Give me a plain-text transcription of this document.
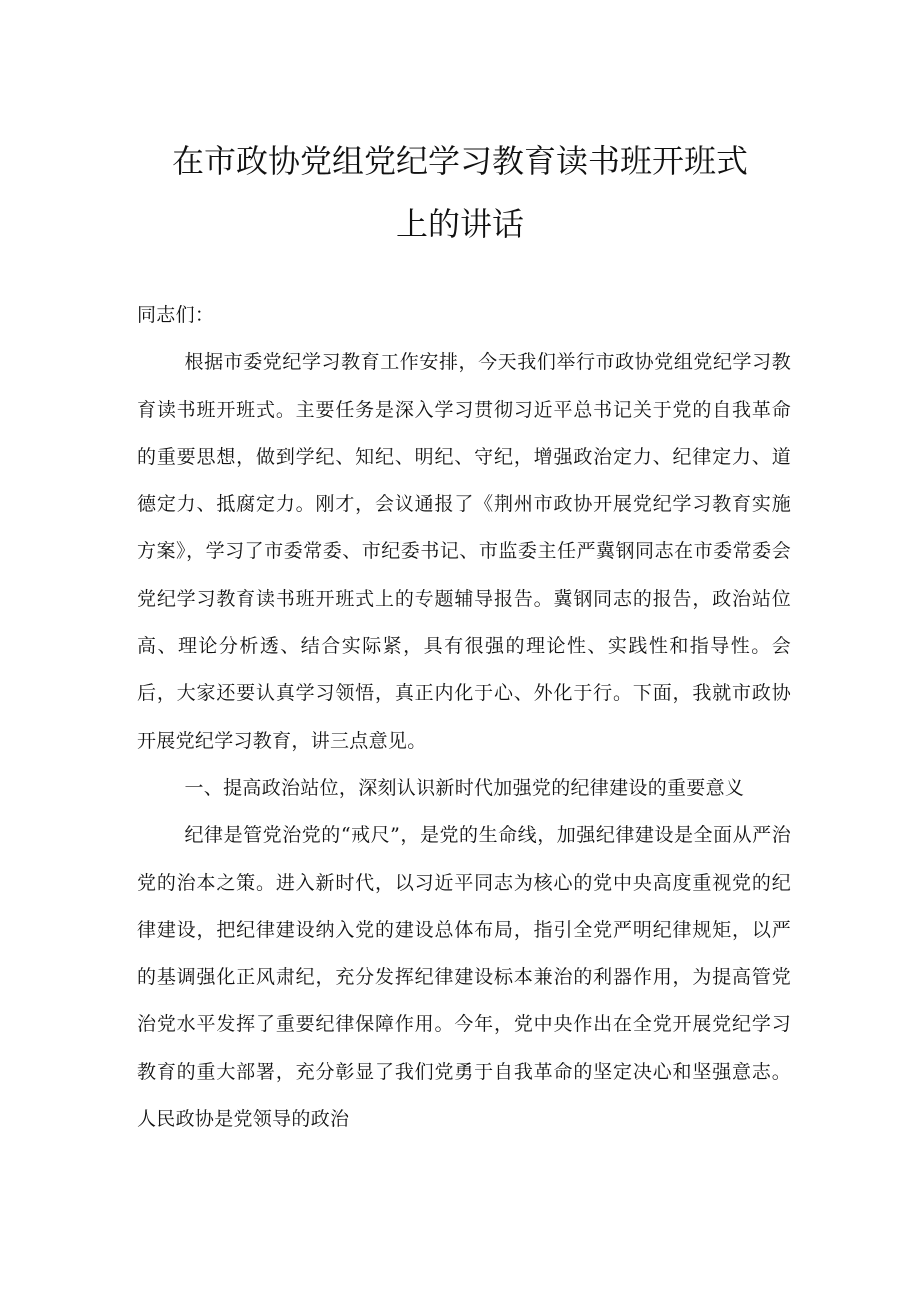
在市政协党组党纪学习教育读书班开班式
上的讲话

同志们：

根据市委党纪学习教育工作安排，今天我们举行市政协党组党纪学习教育读书班开班式。主要任务是深入学习贯彻习近平总书记关于党的自我革命的重要思想，做到学纪、知纪、明纪、守纪，增强政治定力、纪律定力、道德定力、抵腐定力。刚才，会议通报了《荆州市政协开展党纪学习教育实施方案》，学习了市委常委、市纪委书记、市监委主任严冀钢同志在市委常委会党纪学习教育读书班开班式上的专题辅导报告。冀钢同志的报告，政治站位高、理论分析透、结合实际紧，具有很强的理论性、实践性和指导性。会后，大家还要认真学习领悟，真正内化于心、外化于行。下面，我就市政协开展党纪学习教育，讲三点意见。

一、提高政治站位，深刻认识新时代加强党的纪律建设的重要意义

纪律是管党治党的“戒尺”，是党的生命线，加强纪律建设是全面从严治党的治本之策。进入新时代，以习近平同志为核心的党中央高度重视党的纪律建设，把纪律建设纳入党的建设总体布局，指引全党严明纪律规矩，以严的基调强化正风肃纪，充分发挥纪律建设标本兼治的利器作用，为提高管党治党水平发挥了重要纪律保障作用。今年，党中央作出在全党开展党纪学习教育的重大部署，充分彰显了我们党勇于自我革命的坚定决心和坚强意志。人民政协是党领导的政治
